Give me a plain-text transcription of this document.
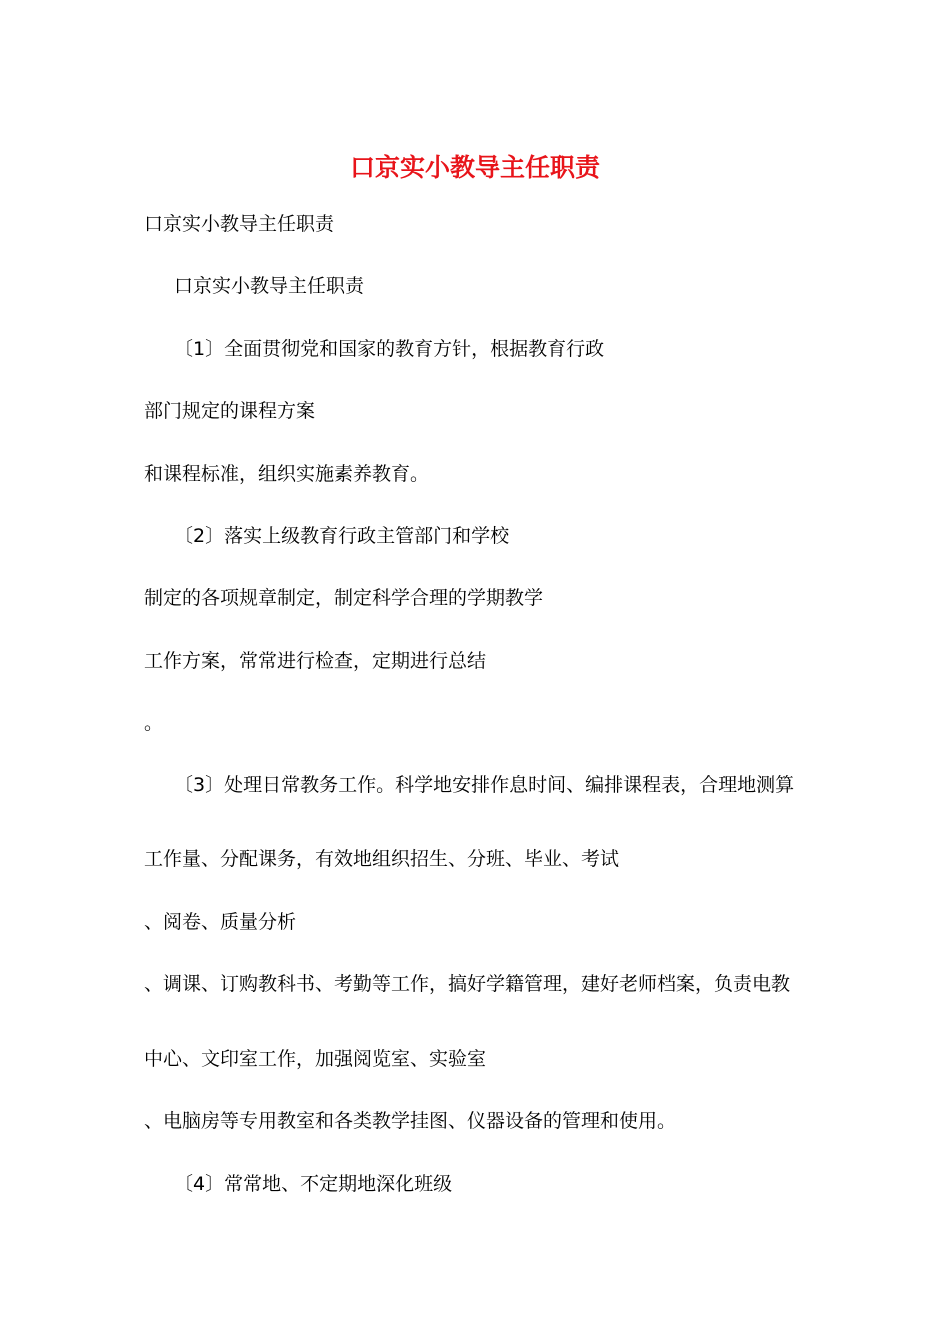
口京实小教导主任职责
口京实小教导主任职责
口京实小教导主任职责
〔1〕全面贯彻党和国家的教育方针，根据教育行政
部门规定的课程方案
和课程标准，组织实施素养教育。
〔2〕落实上级教育行政主管部门和学校
制定的各项规章制定，制定科学合理的学期教学
工作方案，常常进行检查，定期进行总结
。
〔3〕处理日常教务工作。科学地安排作息时间、编排课程表，合理地测算
工作量、分配课务，有效地组织招生、分班、毕业、考试
、阅卷、质量分析
、调课、订购教科书、考勤等工作，搞好学籍管理，建好老师档案，负责电教
中心、文印室工作，加强阅览室、实验室
、电脑房等专用教室和各类教学挂图、仪器设备的管理和使用。
〔4〕常常地、不定期地深化班级
